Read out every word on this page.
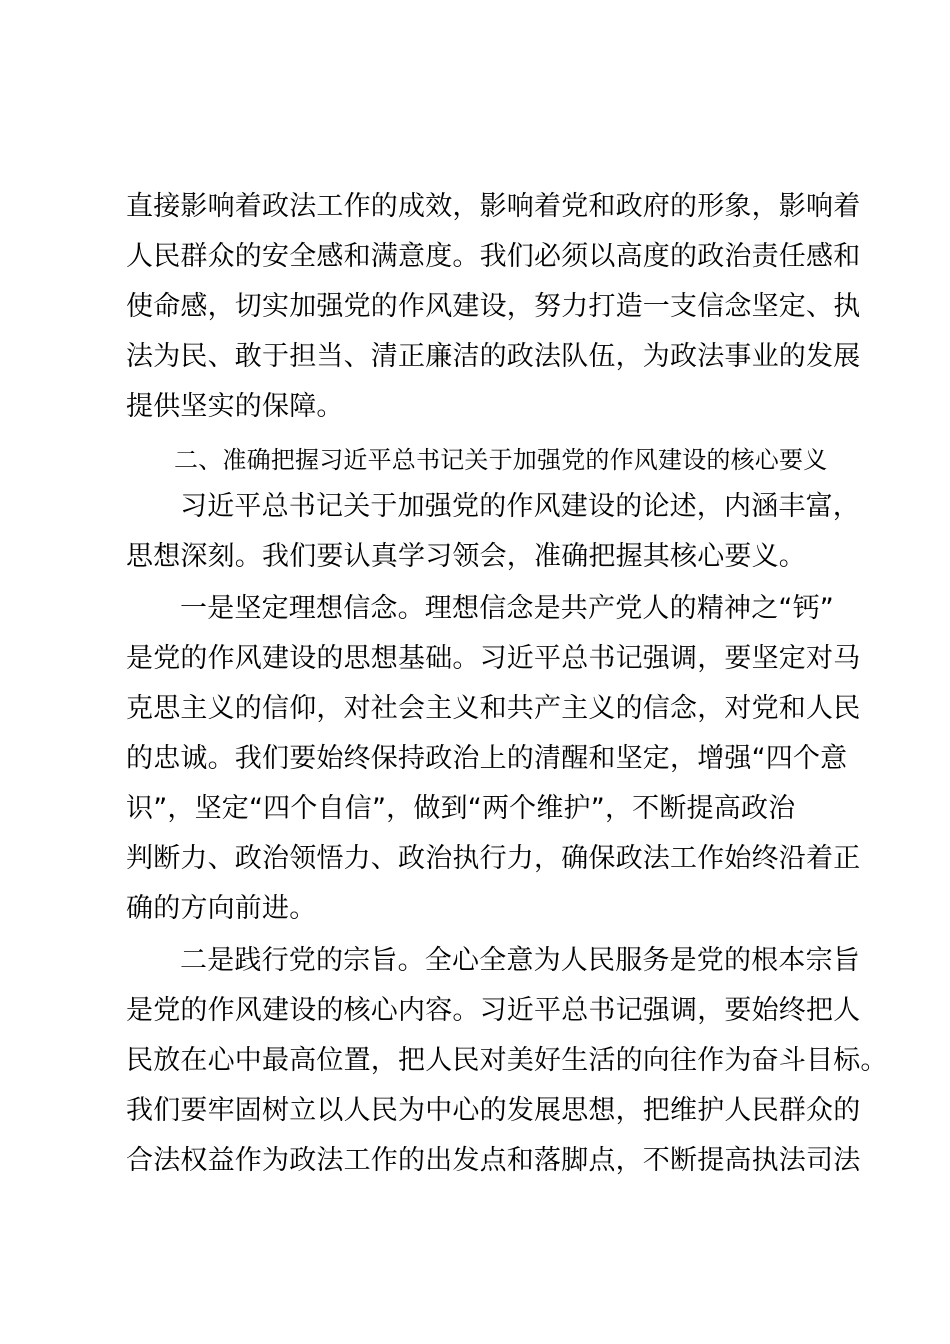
直接影响着政法工作的成效，影响着党和政府的形象，影响着
人民群众的安全感和满意度。我们必须以高度的政治责任感和
使命感，切实加强党的作风建设，努力打造一支信念坚定、执
法为民、敢于担当、清正廉洁的政法队伍，为政法事业的发展
提供坚实的保障。
二、准确把握习近平总书记关于加强党的作风建设的核心要义
习近平总书记关于加强党的作风建设的论述，内涵丰富，
思想深刻。我们要认真学习领会，准确把握其核心要义。
一是坚定理想信念。理想信念是共产党人的精神之“钙”
是党的作风建设的思想基础。习近平总书记强调，要坚定对马
克思主义的信仰，对社会主义和共产主义的信念，对党和人民
的忠诚。我们要始终保持政治上的清醒和坚定，增强“四个意
识”，坚定“四个自信”，做到“两个维护”，不断提高政治
判断力、政治领悟力、政治执行力，确保政法工作始终沿着正
确的方向前进。
二是践行党的宗旨。全心全意为人民服务是党的根本宗旨
是党的作风建设的核心内容。习近平总书记强调，要始终把人
民放在心中最高位置，把人民对美好生活的向往作为奋斗目标。
我们要牢固树立以人民为中心的发展思想，把维护人民群众的
合法权益作为政法工作的出发点和落脚点，不断提高执法司法
